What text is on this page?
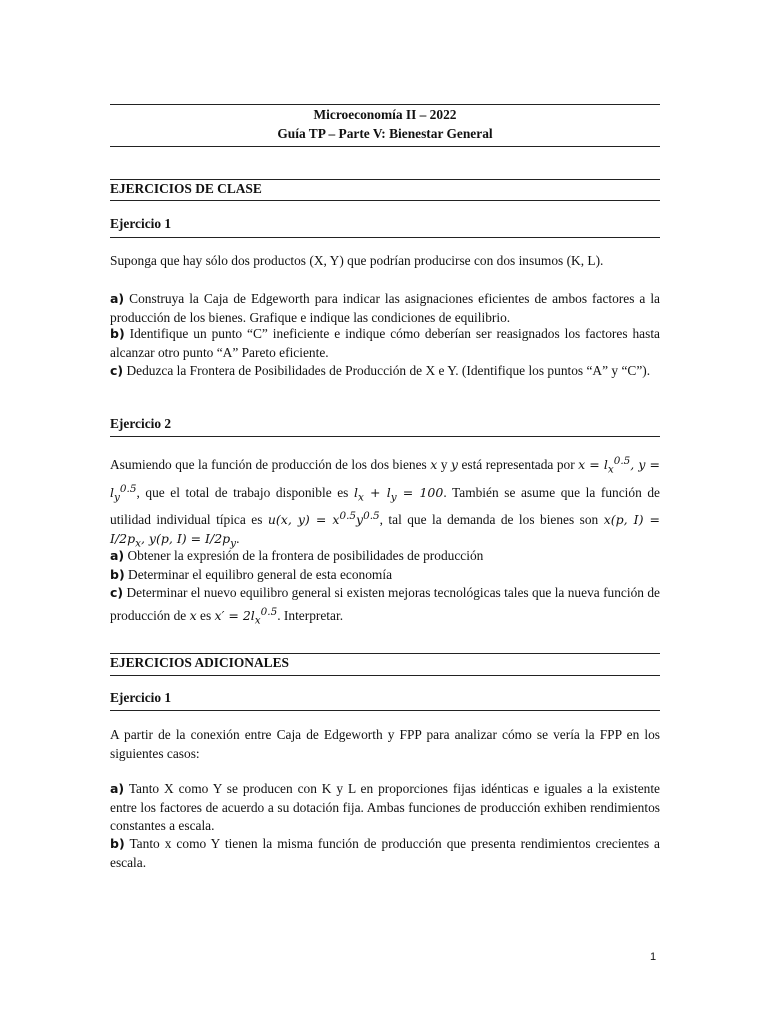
Microeconomía II – 2022
Guía TP – Parte V: Bienestar General
EJERCICIOS DE CLASE
Ejercicio 1

Suponga que hay sólo dos productos (X, Y) que podrían producirse con dos insumos (K, L).

a) Construya la Caja de Edgeworth para indicar las asignaciones eficientes de ambos factores a la producción de los bienes. Grafique e indique las condiciones de equilibrio.

b) Identifique un punto “C” ineficiente e indique cómo deberían ser reasignados los factores hasta alcanzar otro punto “A” Pareto eficiente.

c) Deduzca la Frontera de Posibilidades de Producción de X e Y. (Identifique los puntos “A” y “C”).

Ejercicio 2

Asumiendo que la función de producción de los dos bienes x y y está representada por $x = l_x^{0.5}$, $y = l_y^{0.5}$, que el total de trabajo disponible es $l_x + l_y = 100$. También se asume que la función de utilidad individual típica es u(x, $y) = x^{0.5}y^{0.5}$, tal que la demanda de los bienes son x(p, $I) = I/2p_x$, y(p, $I) = I/2p_y$.

a) Obtener la expresión de la frontera de posibilidades de producción

b) Determinar el equilibro general de esta economía

c) Determinar el nuevo equilibro general si existen mejoras tecnológicas tales que la nueva función de producción de x es $x' = 2l_x^{0.5}$. Interpretar.

EJERCICIOS ADICIONALES
Ejercicio 1

A partir de la conexión entre Caja de Edgeworth y FPP para analizar cómo se vería la FPP en los siguientes casos:

a) Tanto X como Y se producen con K y L en proporciones fijas idénticas e iguales a la existente entre los factores de acuerdo a su dotación fija. Ambas funciones de producción exhiben rendimientos constantes a escala.

b) Tanto x como Y tienen la misma función de producción que presenta rendimientos crecientes a escala.

1
